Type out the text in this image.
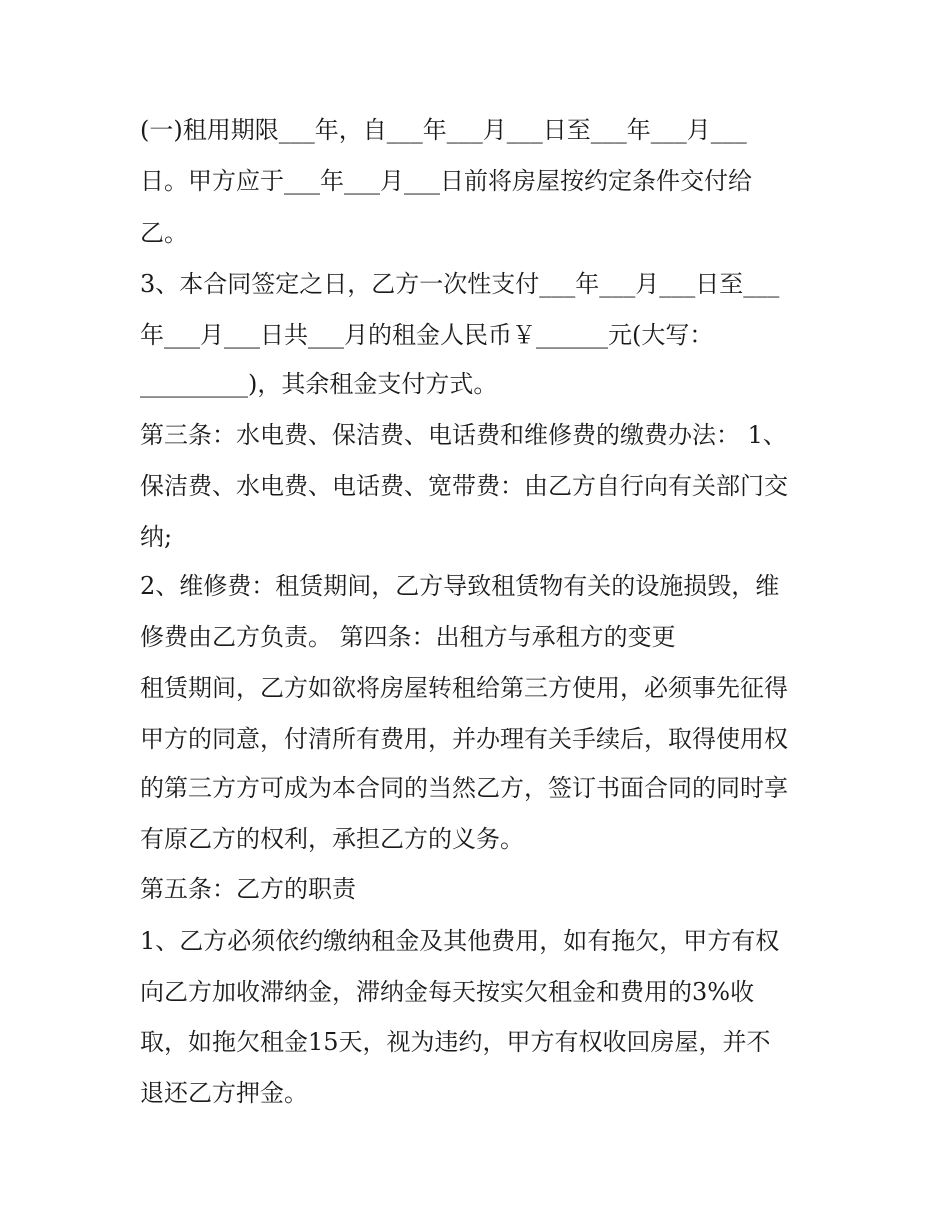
(一)租用期限___年，自___年___月___日至___年___月___
日。甲方应于___年___月___日前将房屋按约定条件交付给
乙。
3、本合同签定之日，乙方一次性支付___年___月___日至___
年___月___日共___月的租金人民币￥______元(大写：
_________)，其余租金支付方式。
第三条：水电费、保洁费、电话费和维修费的缴费办法： 1、
保洁费、水电费、电话费、宽带费：由乙方自行向有关部门交
纳;
2、维修费：租赁期间，乙方导致租赁物有关的设施损毁，维
修费由乙方负责。 第四条：出租方与承租方的变更
租赁期间，乙方如欲将房屋转租给第三方使用，必须事先征得
甲方的同意，付清所有费用，并办理有关手续后，取得使用权
的第三方方可成为本合同的当然乙方，签订书面合同的同时享
有原乙方的权利，承担乙方的义务。
第五条：乙方的职责
1、乙方必须依约缴纳租金及其他费用，如有拖欠，甲方有权
向乙方加收滞纳金，滞纳金每天按实欠租金和费用的3%收
取，如拖欠租金15天，视为违约，甲方有权收回房屋，并不
退还乙方押金。
